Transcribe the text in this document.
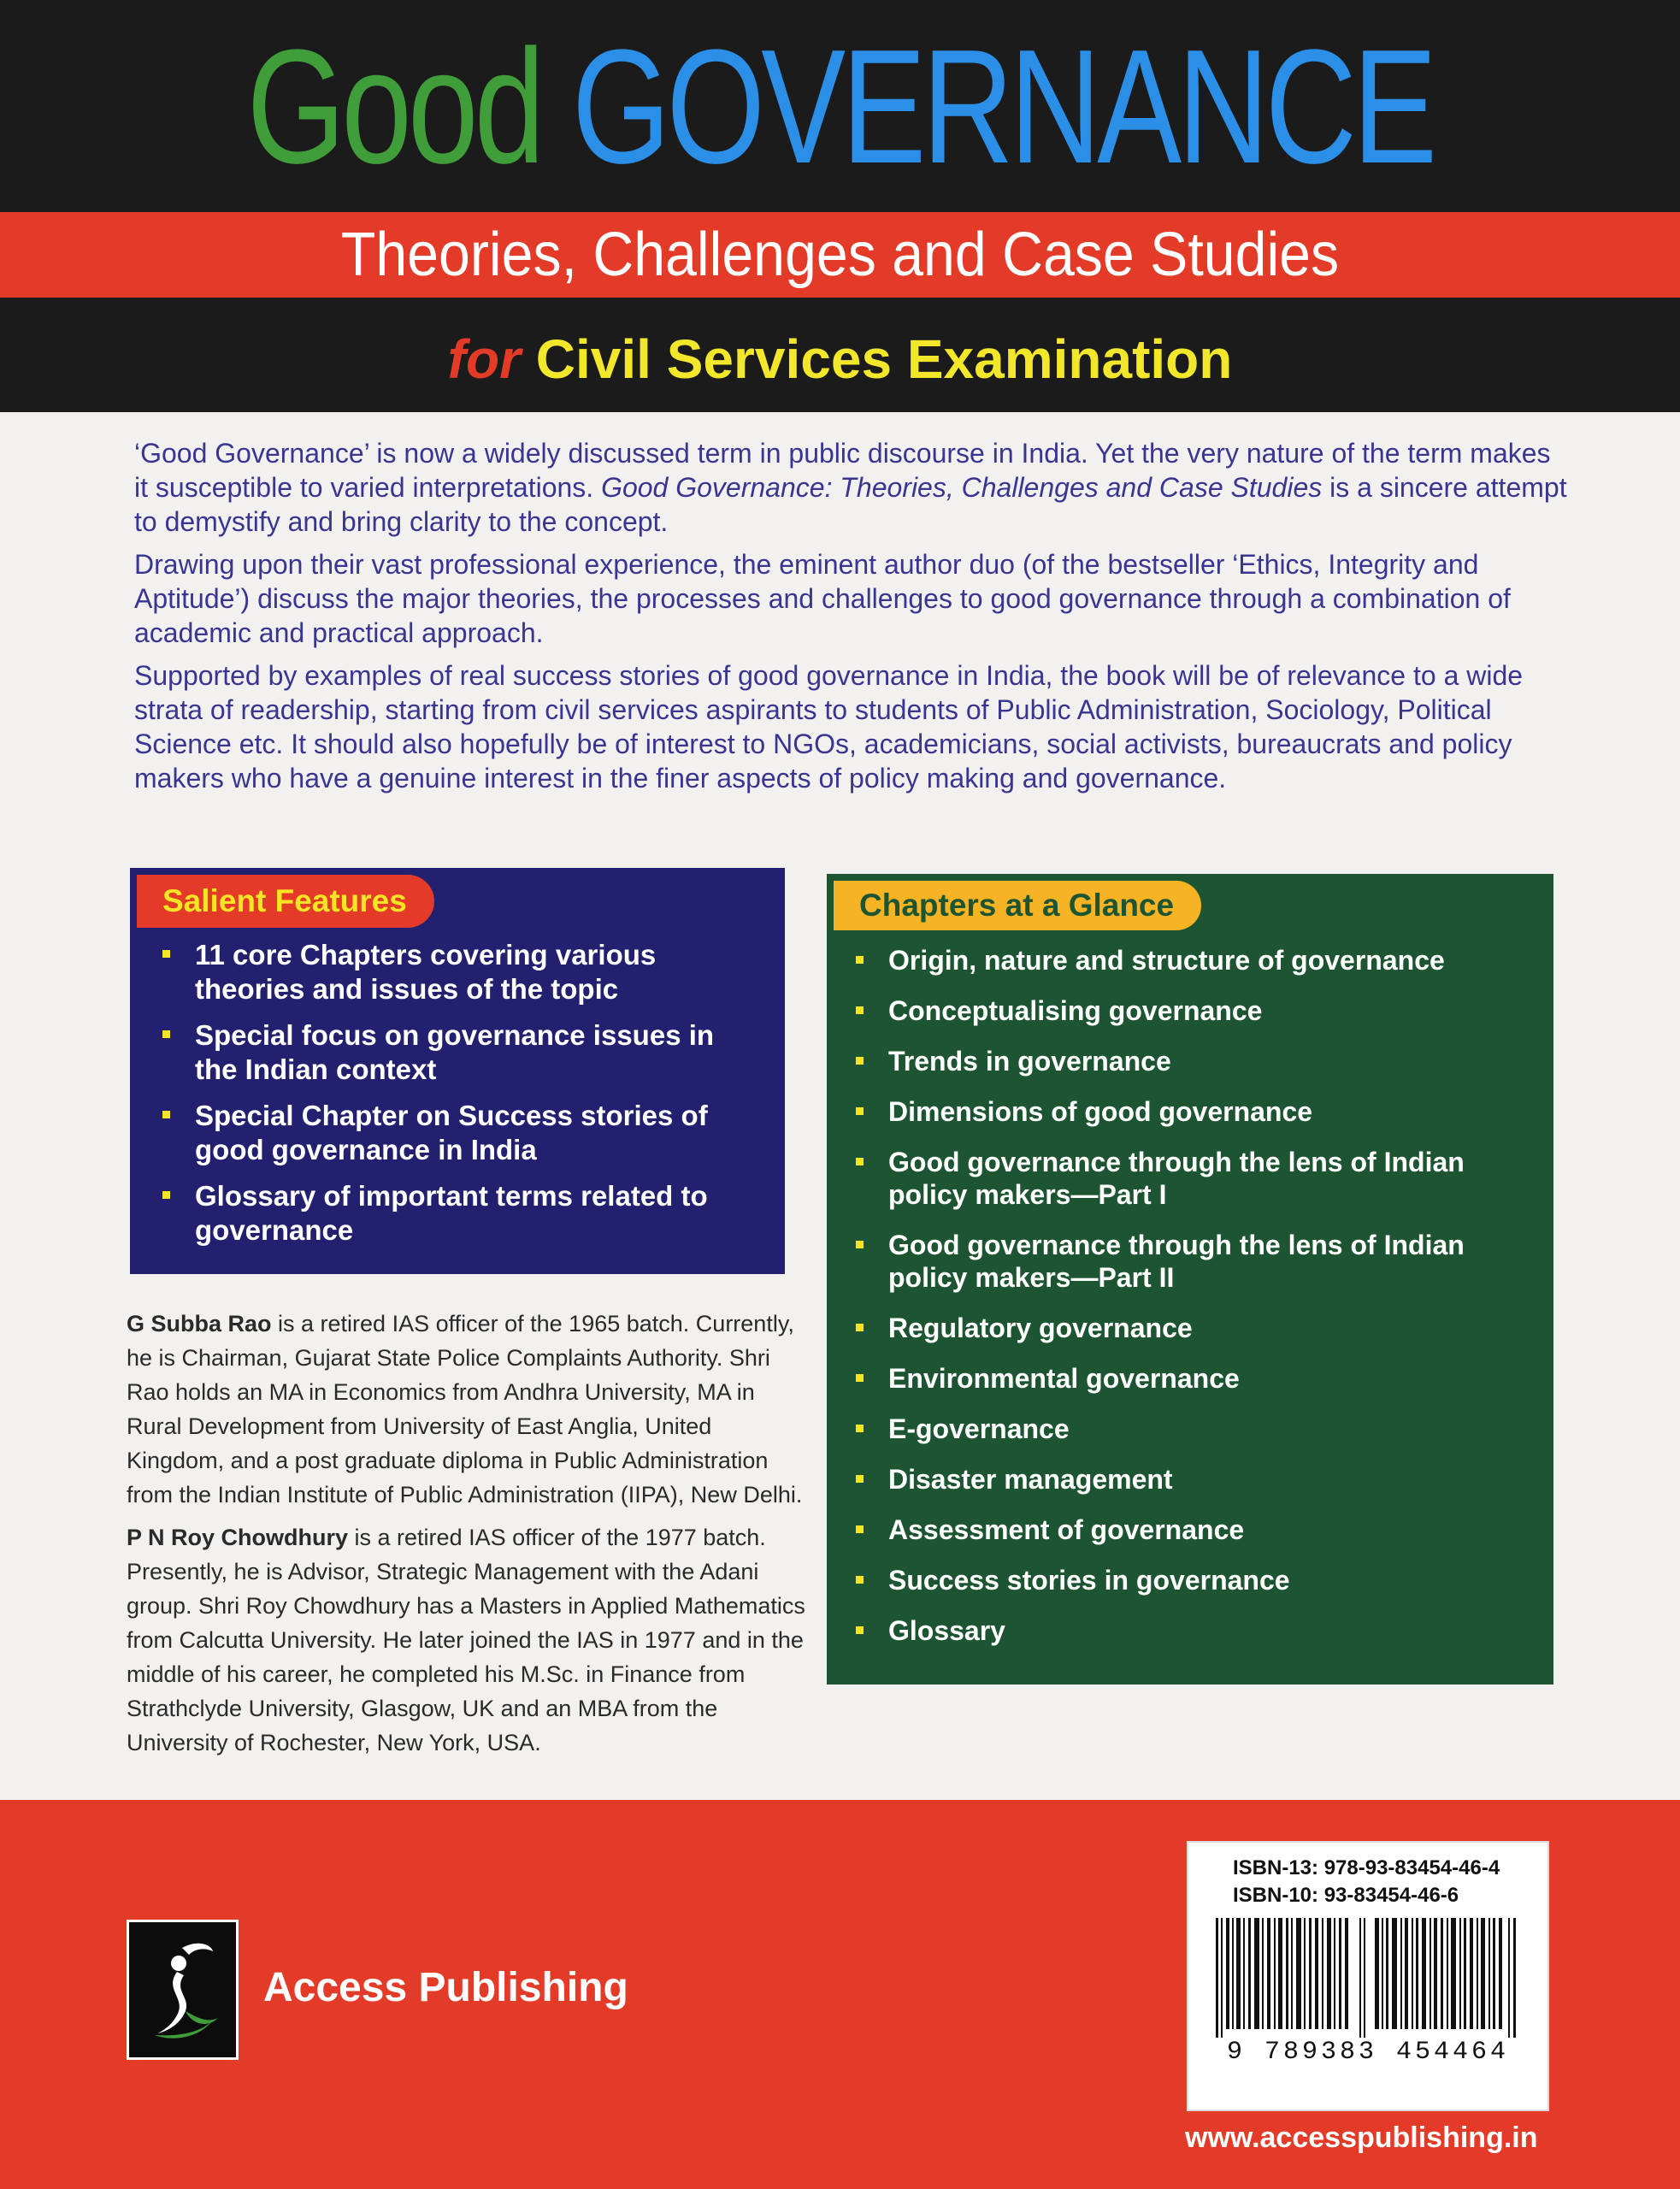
Good GOVERNANCE
Theories, Challenges and Case Studies
for Civil Services Examination

‘Good Governance’ is now a widely discussed term in public discourse in India. Yet the very nature of the term makes it susceptible to varied interpretations. Good Governance: Theories, Challenges and Case Studies is a sincere attempt to demystify and bring clarity to the concept.

Drawing upon their vast professional experience, the eminent author duo (of the bestseller ‘Ethics, Integrity and Aptitude’) discuss the major theories, the processes and challenges to good governance through a combination of academic and practical approach.

Supported by examples of real success stories of good governance in India, the book will be of relevance to a wide strata of readership, starting from civil services aspirants to students of Public Administration, Sociology, Political Science etc. It should also hopefully be of interest to NGOs, academicians, social activists, bureaucrats and policy makers who have a genuine interest in the finer aspects of policy making and governance.

Salient Features
11 core Chapters covering various theories and issues of the topic
Special focus on governance issues in the Indian context
Special Chapter on Success stories of good governance in India
Glossary of important terms related to governance
Chapters at a Glance
Origin, nature and structure of governance
Conceptualising governance
Trends in governance
Dimensions of good governance
Good governance through the lens of Indian policy makers—Part I
Good governance through the lens of Indian policy makers—Part II
Regulatory governance
Environmental governance
E-governance
Disaster management
Assessment of governance
Success stories in governance
Glossary

G Subba Rao is a retired IAS officer of the 1965 batch. Currently, he is Chairman, Gujarat State Police Complaints Authority. Shri Rao holds an MA in Economics from Andhra University, MA in Rural Development from University of East Anglia, United Kingdom, and a post graduate diploma in Public Administration from the Indian Institute of Public Administration (IIPA), New Delhi.

P N Roy Chowdhury is a retired IAS officer of the 1977 batch. Presently, he is Advisor, Strategic Management with the Adani group. Shri Roy Chowdhury has a Masters in Applied Mathematics from Calcutta University. He later joined the IAS in 1977 and in the middle of his career, he completed his M.Sc. in Finance from Strathclyde University, Glasgow, UK and an MBA from the University of Rochester, New York, USA.

Access Publishing
ISBN-13: 978-93-83454-46-4
ISBN-10: 93-83454-46-6
9 789383 454464
www.accesspublishing.in
